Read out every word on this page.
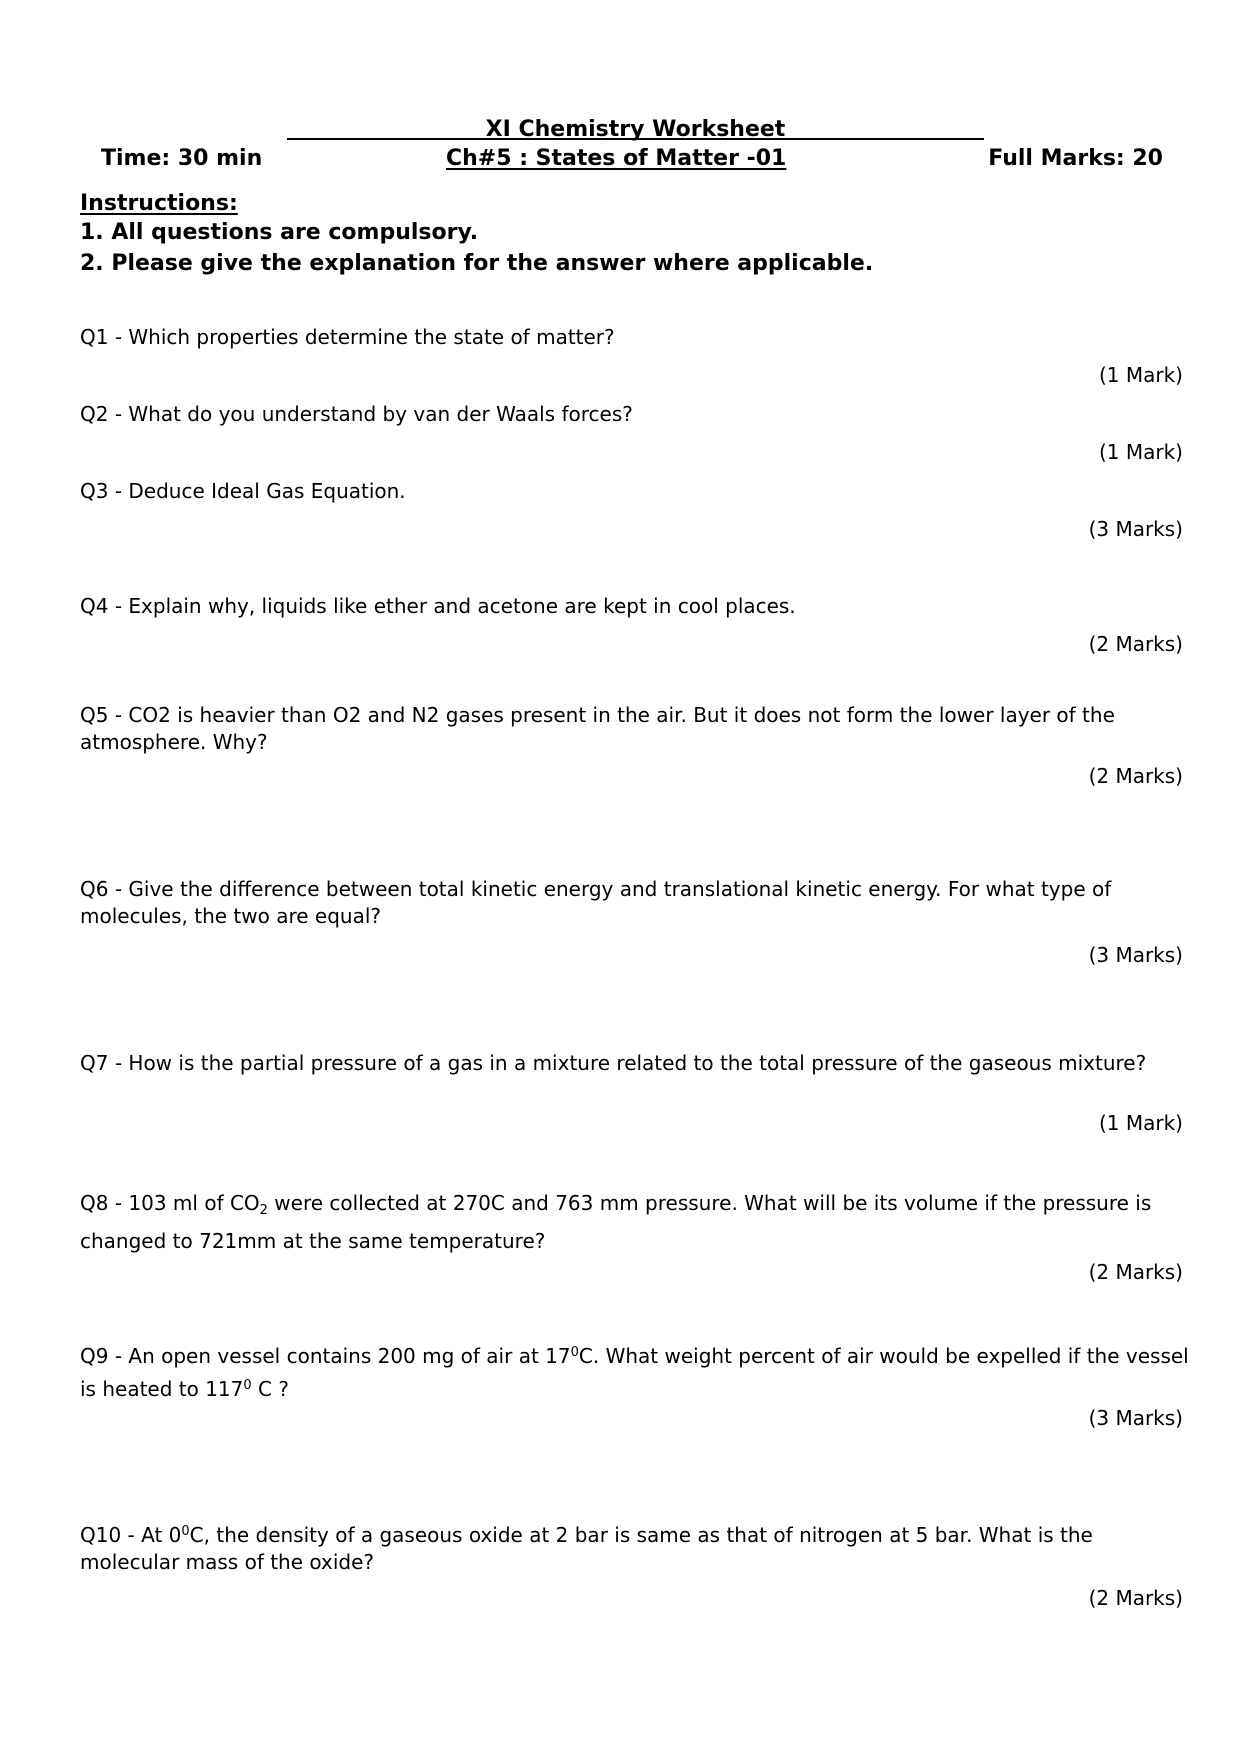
XI Chemistry Worksheet
Time: 30 min	Ch#5 : States of Matter -01	Full Marks: 20
Instructions:
1. All questions are compulsory.
2. Please give the explanation for the answer where applicable.
Q1 - Which properties determine the state of matter?
(1 Mark)
Q2 - What do you understand by van der Waals forces?
(1 Mark)
Q3 - Deduce Ideal Gas Equation.
(3 Marks)
Q4 - Explain why, liquids like ether and acetone are kept in cool places.
(2 Marks)
Q5 - CO2 is heavier than O2 and N2 gases present in the air. But it does not form the lower layer of the atmosphere. Why?
(2 Marks)
Q6 - Give the difference between total kinetic energy and translational kinetic energy. For what type of molecules, the two are equal?
(3 Marks)
Q7 - How is the partial pressure of a gas in a mixture related to the total pressure of the gaseous mixture?
(1 Mark)
Q8 - 103 ml of $CO_2$ were collected at 270C and 763 mm pressure. What will be its volume if the pressure is changed to 721mm at the same temperature?
(2 Marks)
Q9 - An open vessel contains 200 mg of air at $17^0C$. What weight percent of air would be expelled if the vessel is heated to $117^0$ C ?
(3 Marks)
Q10 - At $0^0C$, the density of a gaseous oxide at 2 bar is same as that of nitrogen at 5 bar. What is the molecular mass of the oxide?
(2 Marks)
